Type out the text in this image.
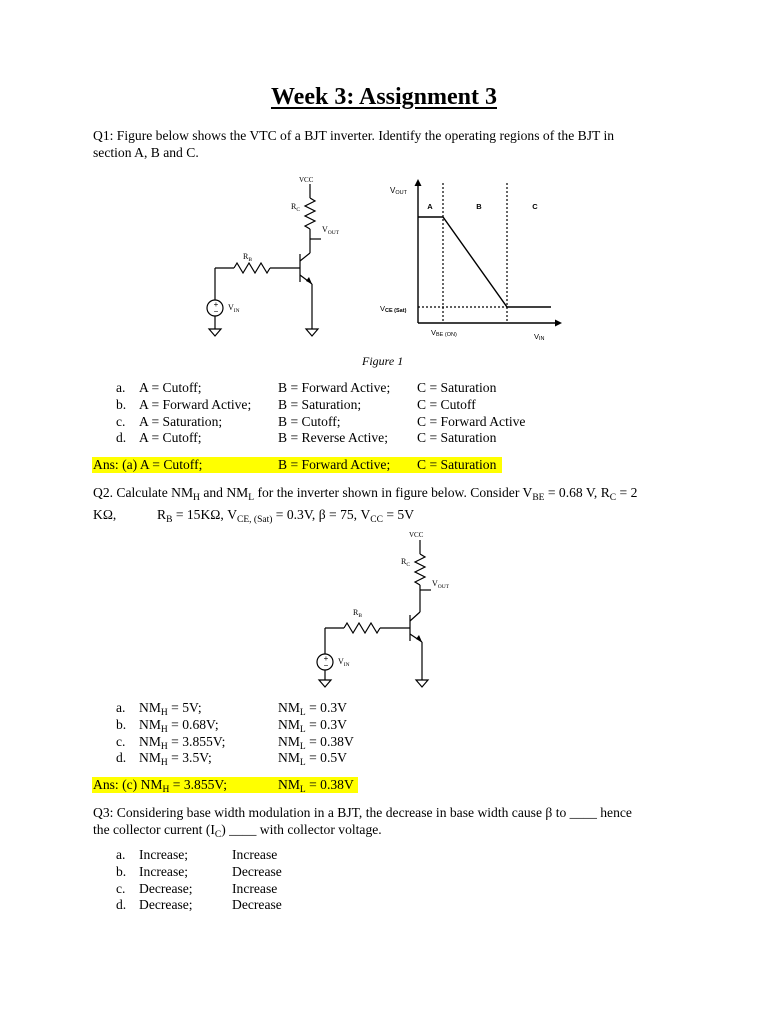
Week 3: Assignment 3
Q1: Figure below shows the VTC of a BJT inverter. Identify the operating regions of the BJT in
section A, B and C.
+
−
VCC
$R_C$
$V_{OUT}$
$R_B$
$V_{IN}$
VOUT
A	B	C
VCE (Sat)
VBE (ON)	VIN
Figure 1
a. A = Cutoff;	B = Forward Active; C = Saturation
b. A = Forward Active; B = Saturation;	C = Cutoff
c. A = Saturation;	B = Cutoff;	C = Forward Active
d. A = Cutoff;	B = Reverse Active; C = Saturation
Ans: (a) A = Cutoff;	B = Forward Active; C = Saturation
Q2. Calculate $NM_H$ and $NM_L$ for the inverter shown in figure below. Consider $V_{BE} = 0.68$ V, $R_C = 2$
KΩ,	$R_B = 15K\Omega$, $V_{CE, (Sat)} = 0.3V$, β = 75, $V_{CC} = 5V$
+
−
VCC
$R_C$
$V_{OUT}$
$R_B$
$V_{IN}$
a. $NM_H = 5V$;	$NM_L = 0.3V$
b. $NM_H = 0.68V$;	$NM_L = 0.3V$
c. $NM_H = 3.855V$;	$NM_L = 0.38V$
d. $NM_H = 3.5V$;	$NM_L = 0.5V$
Ans: (c) $NM_H = 3.855V$;	$NM_L = 0.38V$
Q3: Considering base width modulation in a BJT, the decrease in base width cause β to ____ hence
the collector current $(I_C)$ ____ with collector voltage.
a. Increase;	Increase
b. Increase;	Decrease
c. Decrease;	Increase
d. Decrease;	Decrease
